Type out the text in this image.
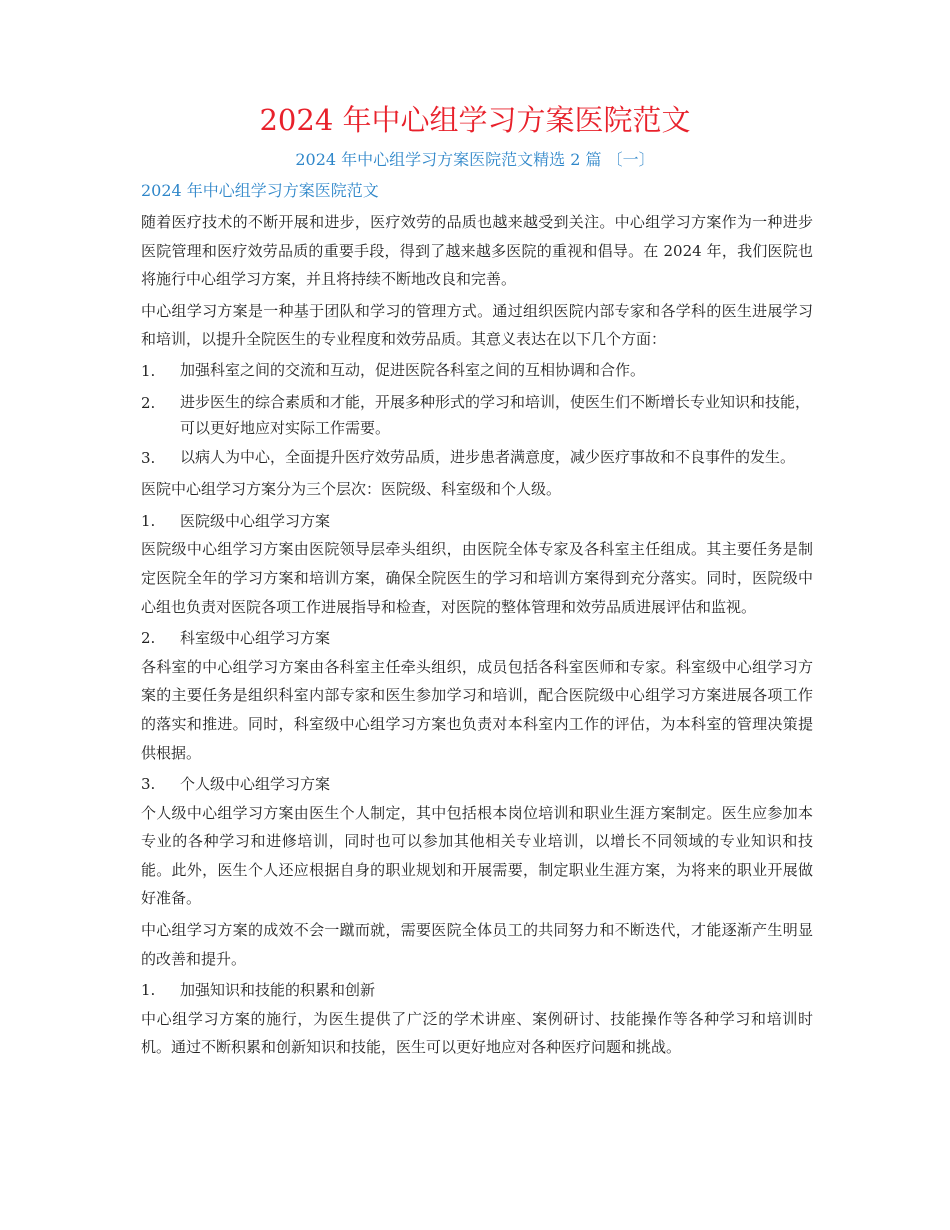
2024 年中心组学习方案医院范文
2024 年中心组学习方案医院范文精选 2 篇 〔一〕
2024 年中心组学习方案医院范文
随着医疗技术的不断开展和进步，医疗效劳的品质也越来越受到关注。中心组学习方案作为一种进步医院管理和医疗效劳品质的重要手段，得到了越来越多医院的重视和倡导。在 2024 年，我们医院也将施行中心组学习方案，并且将持续不断地改良和完善。
中心组学习方案是一种基于团队和学习的管理方式。通过组织医院内部专家和各学科的医生进展学习和培训，以提升全院医生的专业程度和效劳品质。其意义表达在以下几个方面：
1.	加强科室之间的交流和互动，促进医院各科室之间的互相协调和合作。
2.	进步医生的综合素质和才能，开展多种形式的学习和培训，使医生们不断增长专业知识和技能，可以更好地应对实际工作需要。
3.	以病人为中心，全面提升医疗效劳品质，进步患者满意度，减少医疗事故和不良事件的发生。
医院中心组学习方案分为三个层次：医院级、科室级和个人级。
1.	医院级中心组学习方案
医院级中心组学习方案由医院领导层牵头组织，由医院全体专家及各科室主任组成。其主要任务是制定医院全年的学习方案和培训方案，确保全院医生的学习和培训方案得到充分落实。同时，医院级中心组也负责对医院各项工作进展指导和检查，对医院的整体管理和效劳品质进展评估和监视。
2.	科室级中心组学习方案
各科室的中心组学习方案由各科室主任牵头组织，成员包括各科室医师和专家。科室级中心组学习方案的主要任务是组织科室内部专家和医生参加学习和培训，配合医院级中心组学习方案进展各项工作的落实和推进。同时，科室级中心组学习方案也负责对本科室内工作的评估，为本科室的管理决策提供根据。
3.	个人级中心组学习方案
个人级中心组学习方案由医生个人制定，其中包括根本岗位培训和职业生涯方案制定。医生应参加本专业的各种学习和进修培训，同时也可以参加其他相关专业培训，以增长不同领域的专业知识和技能。此外，医生个人还应根据自身的职业规划和开展需要，制定职业生涯方案，为将来的职业开展做好准备。
中心组学习方案的成效不会一蹴而就，需要医院全体员工的共同努力和不断迭代，才能逐渐产生明显的改善和提升。
1.	加强知识和技能的积累和创新
中心组学习方案的施行，为医生提供了广泛的学术讲座、案例研讨、技能操作等各种学习和培训时机。通过不断积累和创新知识和技能，医生可以更好地应对各种医疗问题和挑战。
